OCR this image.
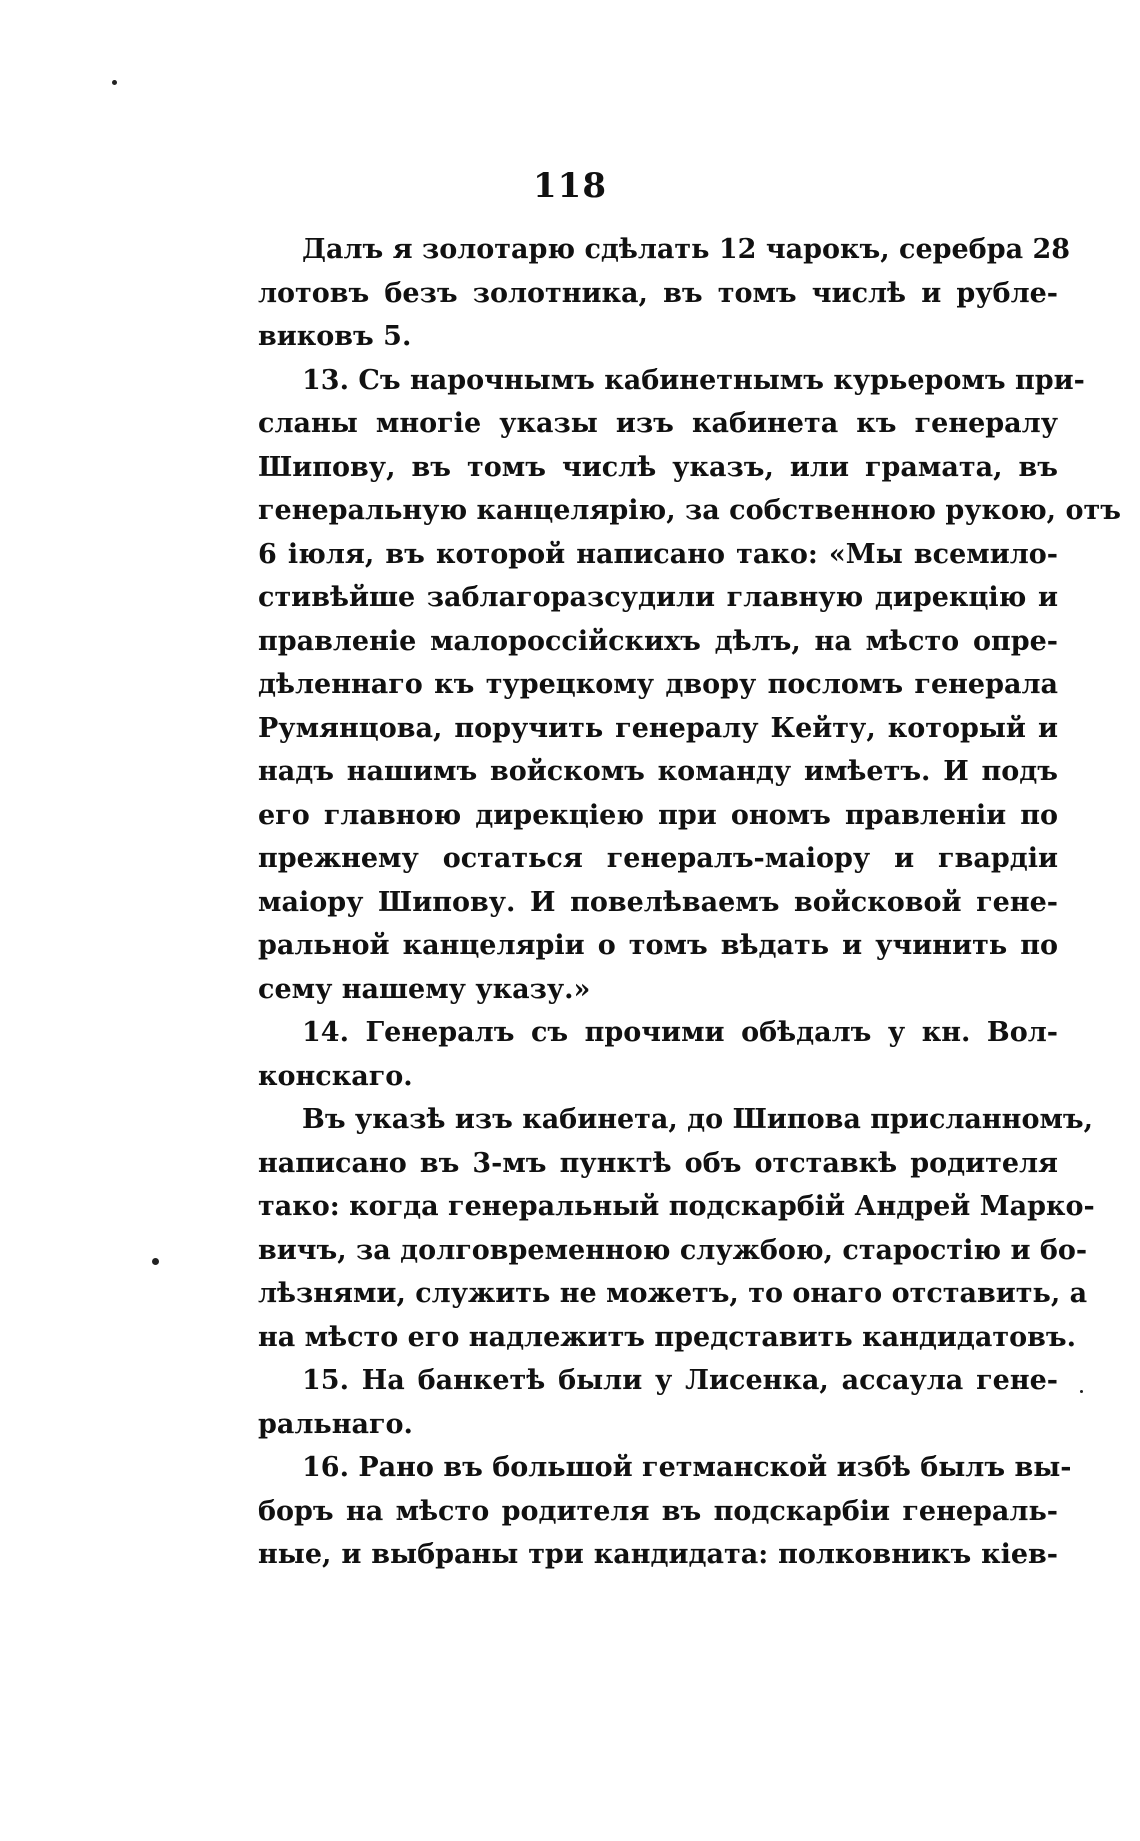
118
Далъ я золотарю сдѣлать 12 чарокъ, серебра 28
лотовъ безъ золотника, въ томъ числѣ и рубле-
виковъ 5.
13. Съ нарочнымъ кабинетнымъ курьеромъ при-
сланы многіе указы изъ кабинета къ генералу
Шипову, въ томъ числѣ указъ, или грамата, въ
генеральную канцелярію, за собственною рукою, отъ
6 іюля, въ которой написано тако: «Мы всемило-
стивѣйше заблагоразсудили главную дирекцію и
правленіе малороссійскихъ дѣлъ, на мѣсто опре-
дѣленнаго къ турецкому двору посломъ генерала
Румянцова, поручить генералу Кейту, который и
надъ нашимъ войскомъ команду имѣетъ. И подъ
его главною дирекціею при ономъ правленіи по
прежнему остаться генералъ-маіору и гвардіи
маіору Шипову. И повелѣваемъ войсковой гене-
ральной канцеляріи о томъ вѣдать и учинить по
сему нашему указу.»
14. Генералъ съ прочими обѣдалъ у кн. Вол-
конскаго.
Въ указѣ изъ кабинета, до Шипова присланномъ,
написано въ 3-мъ пунктѣ объ отставкѣ родителя
тако: когда генеральный подскарбій Андрей Марко-
вичъ, за долговременною службою, старостію и бо-
лѣзнями, служить не можетъ, то онаго отставить, а
на мѣсто его надлежитъ представить кандидатовъ.
15. На банкетѣ были у Лисенка, ассаула гене-
ральнаго.
16. Рано въ большой гетманской избѣ былъ вы-
боръ на мѣсто родителя въ подскарбіи генераль-
ные, и выбраны три кандидата: полковникъ кіев-
